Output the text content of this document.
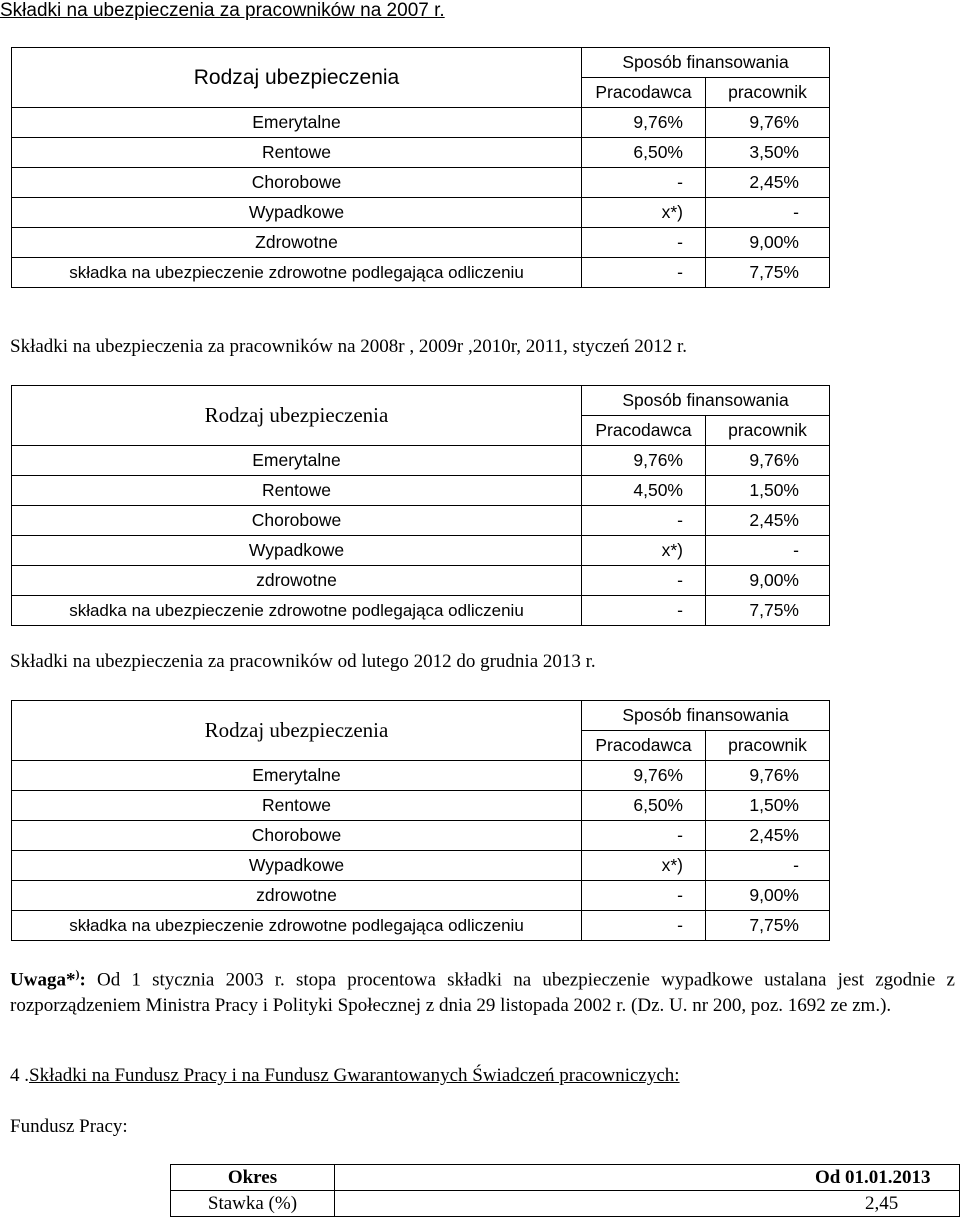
Składki na ubezpieczenia za pracowników na 2007 r.
Rodzaj ubezpieczenia	Sposób finansowania	
	Pracodawca	pracownik
Emerytalne	9,76%	9,76%
Rentowe	6,50%	3,50%
Chorobowe	-	2,45%
Wypadkowe	x*)	-
Zdrowotne	-	9,00%
składka na ubezpieczenie zdrowotne podlegająca odliczeniu	-	7,75%
Składki na ubezpieczenia za pracowników na 2008r , 2009r ,2010r, 2011, styczeń 2012 r.
Rodzaj ubezpieczenia	Sposób finansowania	
	Pracodawca	pracownik
Emerytalne	9,76%	9,76%
Rentowe	4,50%	1,50%
Chorobowe	-	2,45%
Wypadkowe	x*)	-
zdrowotne	-	9,00%
składka na ubezpieczenie zdrowotne podlegająca odliczeniu	-	7,75%
Składki na ubezpieczenia za pracowników od lutego 2012 do grudnia 2013 r.
Rodzaj ubezpieczenia	Sposób finansowania	
	Pracodawca	pracownik
Emerytalne	9,76%	9,76%
Rentowe	6,50%	1,50%
Chorobowe	-	2,45%
Wypadkowe	x*)	-
zdrowotne	-	9,00%
składka na ubezpieczenie zdrowotne podlegająca odliczeniu	-	7,75%
Uwaga*): Od 1 stycznia 2003 r. stopa procentowa składki na ubezpieczenie wypadkowe ustalana jest zgodnie z rozporządzeniem Ministra Pracy i Polityki Społecznej z dnia 29 listopada 2002 r. (Dz. U. nr 200, poz. 1692 ze zm.).
4 .Składki na Fundusz Pracy i na Fundusz Gwarantowanych Świadczeń pracowniczych:
Fundusz Pracy:
Okres	Od 01.01.2013
Stawka (%)	2,45
